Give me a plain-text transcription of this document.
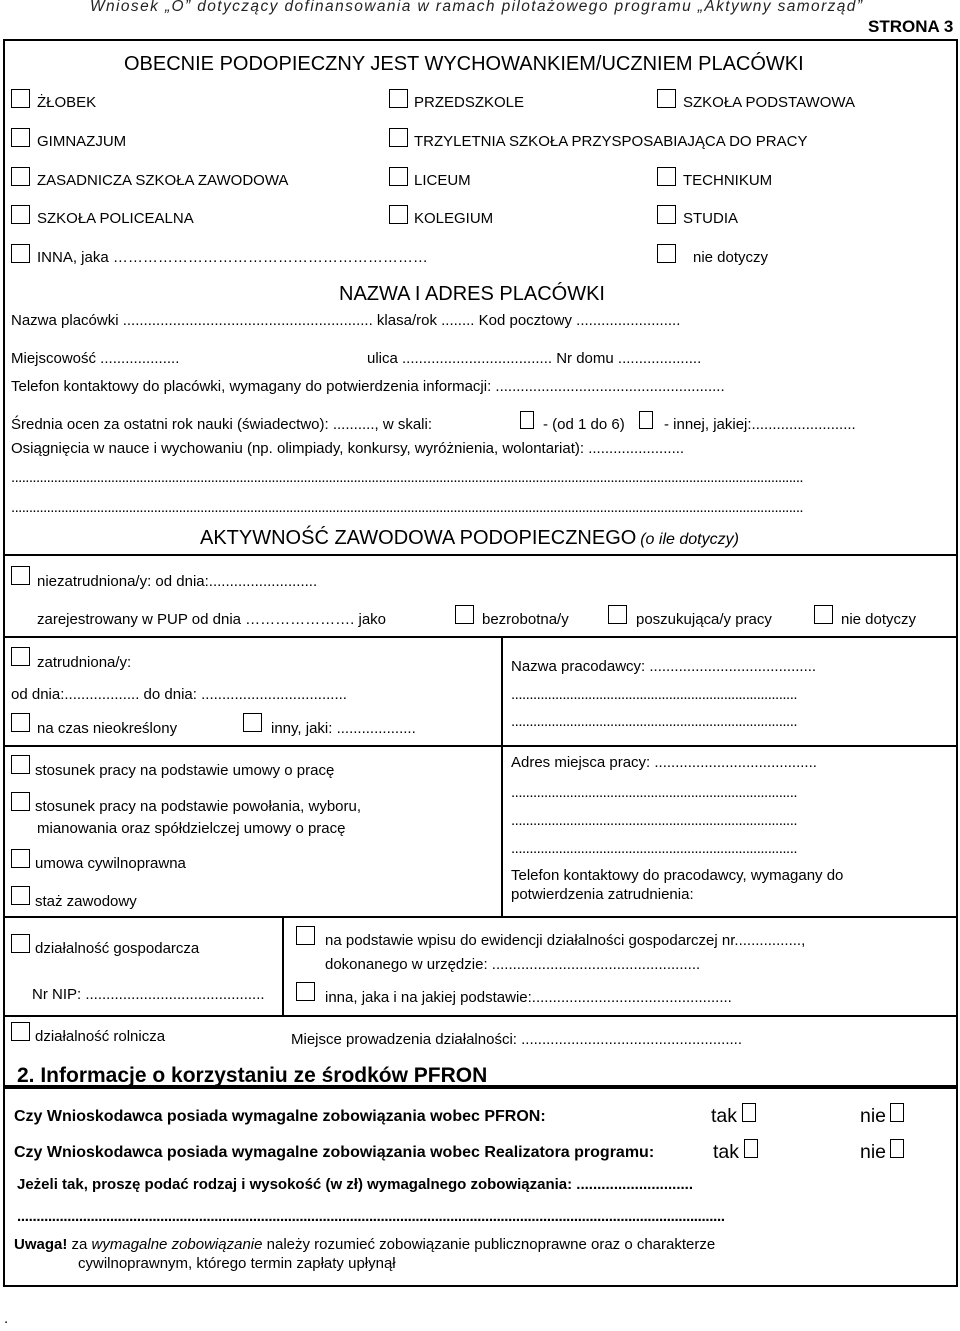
Wniosek „O” dotyczący dofinansowania w ramach pilotażowego programu „Aktywny samorząd”
STRONA 3
OBECNIE PODOPIECZNY JEST WYCHOWANKIEM/UCZNIEM PLACÓWKI
ŻŁOBEK	PRZEDSZKOLE	SZKOŁA PODSTAWOWA
GIMNAZJUM	TRZYLETNIA SZKOŁA PRZYSPOSABIAJĄCA DO PRACY
ZASADNICZA SZKOŁA ZAWODOWA	LICEUM	TECHNIKUM
SZKOŁA POLICEALNA	KOLEGIUM	STUDIA
INNA, jaka ………………………………………………………	nie dotyczy
NAZWA I ADRES PLACÓWKI
Nazwa placówki ............................................................ klasa/rok ........ Kod pocztowy .........................
Miejscowość ...................	ulica .................................... Nr domu ....................
Telefon kontaktowy do placówki, wymagany do potwierdzenia informacji: .......................................................
Średnia ocen za ostatni rok nauki (świadectwo): .........., w skali:	- (od 1 do 6)	- innej, jakiej:.........................
Osiągnięcia w nauce i wychowaniu (np. olimpiady, konkursy, wyróżnienia, wolontariat): .......................
..............................................................................................................................................................................................................................
..............................................................................................................................................................................................................................
AKTYWNOŚĆ ZAWODOWA PODOPIECZNEGO (o ile dotyczy)
niezatrudniona/y: od dnia:..........................
zarejestrowany w PUP od dnia …………………. jako	bezrobotna/y	poszukująca/y pracy	nie dotyczy
zatrudniona/y:
od dnia:.................. do dnia: ...................................
na czas nieokreślony	inny, jaki: ...................
stosunek pracy na podstawie umowy o pracę
stosunek pracy na podstawie powołania, wyboru,
mianowania oraz spółdzielczej umowy o pracę
umowa cywilnoprawna
staż zawodowy
Nazwa pracodawcy: ........................................
..............................................................................
..............................................................................
Adres miejsca pracy: .......................................
..............................................................................
..............................................................................
..............................................................................
Telefon kontaktowy do pracodawcy, wymagany do
potwierdzenia zatrudnienia:
działalność gospodarcza
Nr NIP: ...........................................
na podstawie wpisu do ewidencji działalności gospodarczej nr................,
dokonanego w urzędzie: ..................................................
inna, jaka i na jakiej podstawie:................................................
działalność rolnicza	Miejsce prowadzenia działalności: .....................................................
2. Informacje o korzystaniu ze środków PFRON
Czy Wnioskodawca posiada wymagalne zobowiązania wobec PFRON:	tak	nie
Czy Wnioskodawca posiada wymagalne zobowiązania wobec Realizatora programu:	tak	nie
Jeżeli tak, proszę podać rodzaj i wysokość (w zł) wymagalnego zobowiązania: ............................
.......................................................................................................................................................................................
Uwaga! za wymagalne zobowiązanie należy rozumieć zobowiązanie publicznoprawne oraz o charakterze
cywilnoprawnym, którego termin zapłaty upłynął
.
